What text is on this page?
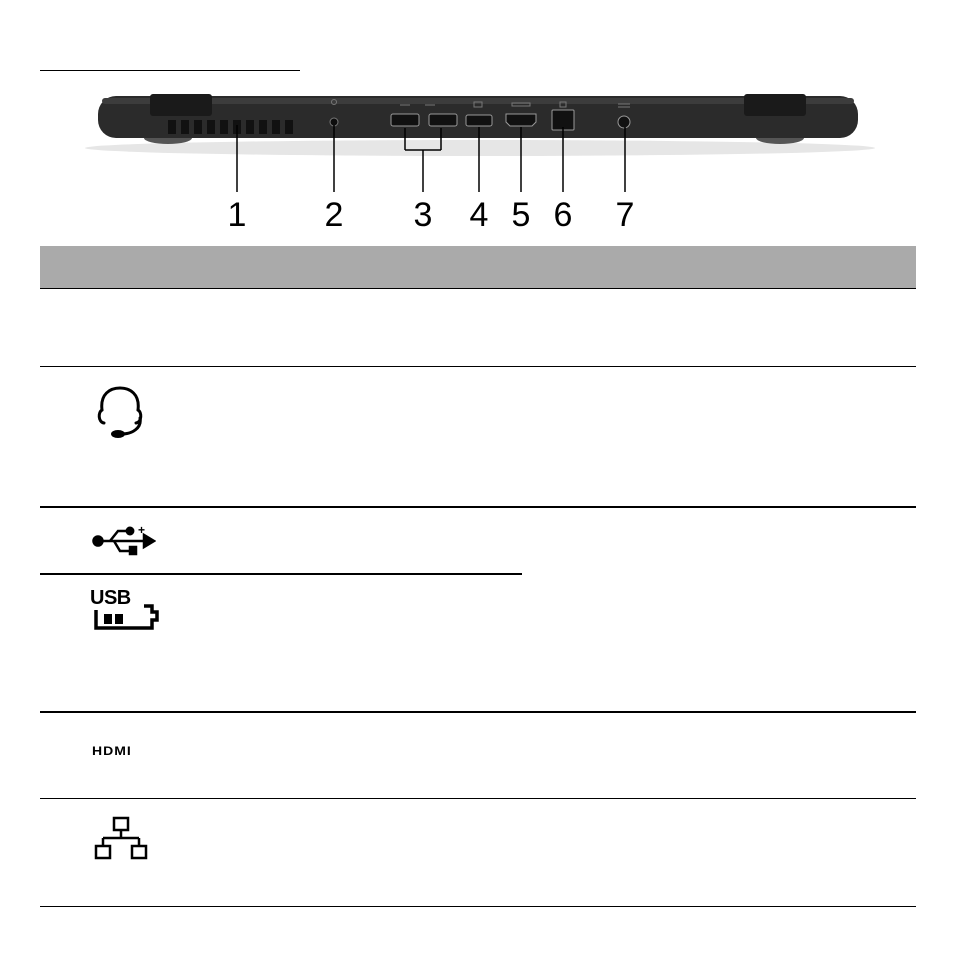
1 2 3 4 5 6 7
+
USB
HDMI
